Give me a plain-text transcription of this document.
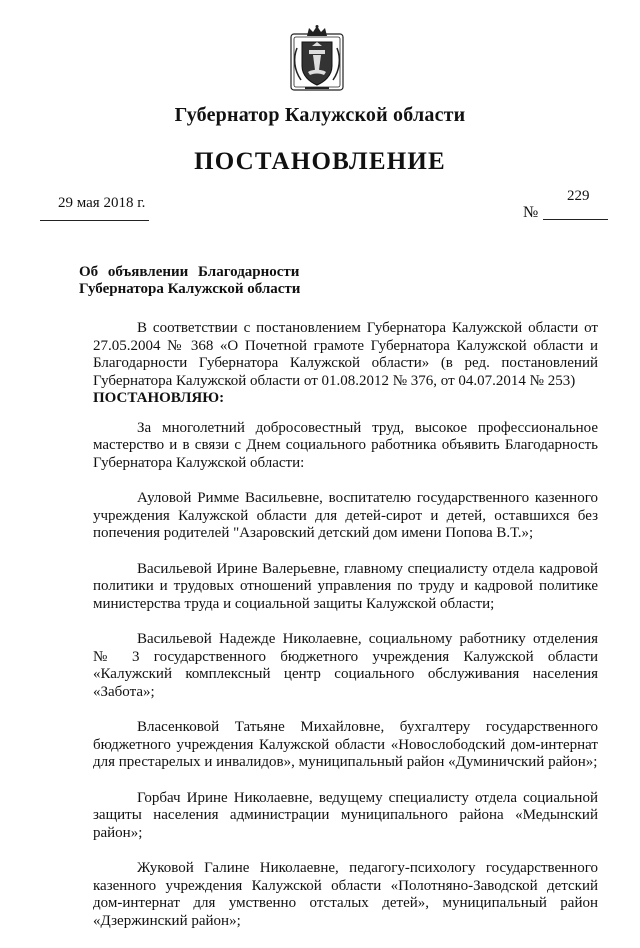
Губернатор Калужской области
ПОСТАНОВЛЕНИЕ
29 мая 2018 г.	229
№
Об объявлении Благодарности
Губернатора Калужской области

В соответствии с постановлением Губернатора Калужской области от 27.05.2004 № 368 «О Почетной грамоте Губернатора Калужской области и Благодарности Губернатора Калужской области» (в ред. постановлений Губернатора Калужской области от 01.08.2012 № 376, от 04.07.2014 № 253)

ПОСТАНОВЛЯЮ:

За многолетний добросовестный труд, высокое профессиональное мастерство и в связи с Днем социального работника объявить Благодарность Губернатора Калужской области:

Ауловой Римме Васильевне, воспитателю государственного казенного учреждения Калужской области для детей-сирот и детей, оставшихся без попечения родителей "Азаровский детский дом имени Попова В.Т.»;

Васильевой Ирине Валерьевне, главному специалисту отдела кадровой политики и трудовых отношений управления по труду и кадровой политике министерства труда и социальной защиты Калужской области;

Васильевой Надежде Николаевне, социальному работнику отделения № 3 государственного бюджетного учреждения Калужской области «Калужский комплексный центр социального обслуживания населения «Забота»;

Власенковой Татьяне Михайловне, бухгалтеру государственного бюджетного учреждения Калужской области «Новослободский дом-интернат для престарелых и инвалидов», муниципальный район «Думиничский район»;

Горбач Ирине Николаевне, ведущему специалисту отдела социальной защиты населения администрации муниципального района «Медынский район»;

Жуковой Галине Николаевне, педагогу-психологу государственного казенного учреждения Калужской области «Полотняно-Заводской детский дом-интернат для умственно отсталых детей», муниципальный район «Дзержинский район»;
